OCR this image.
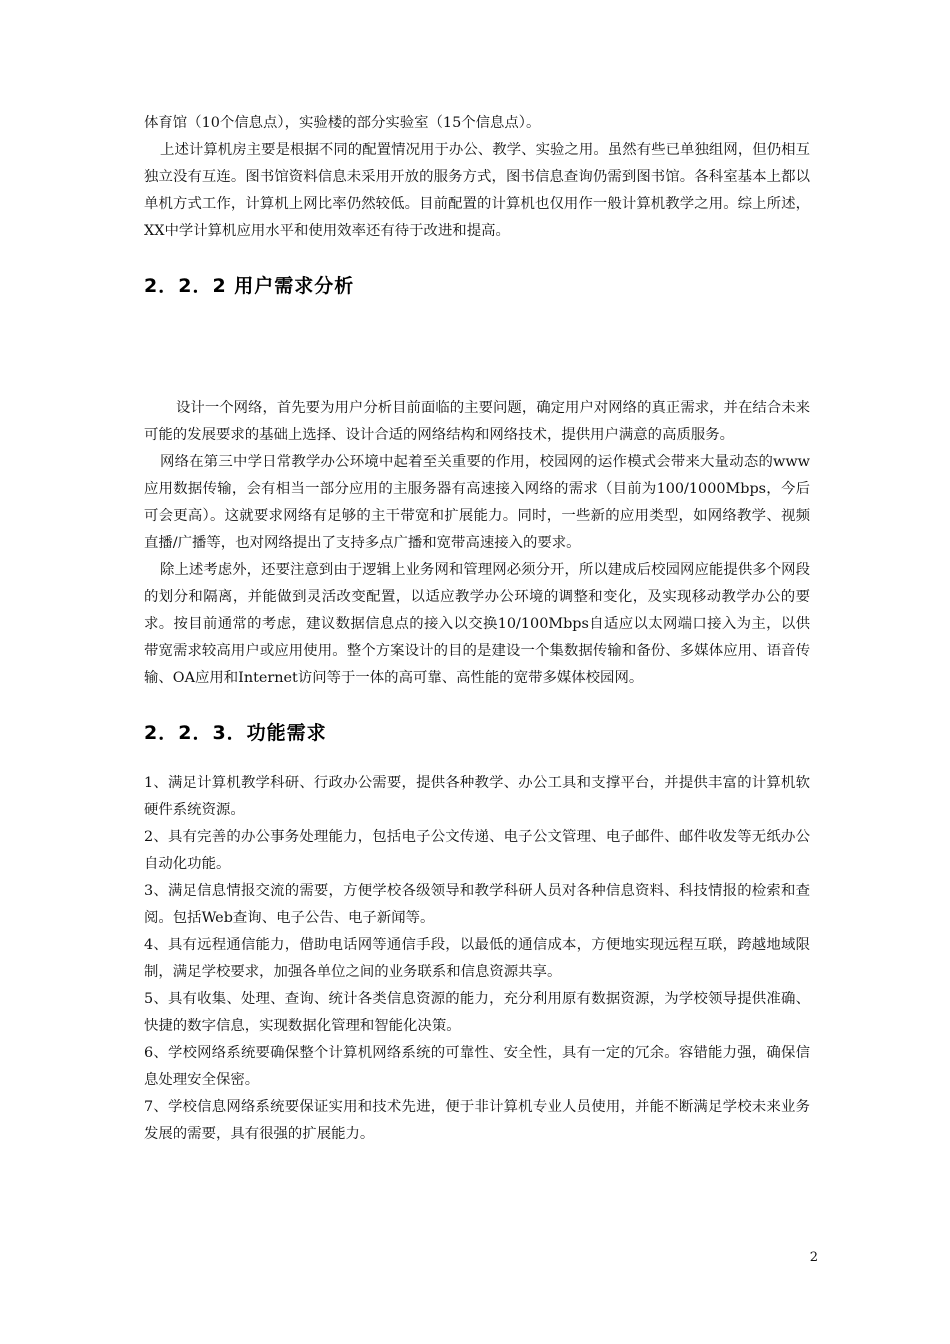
体育馆（10个信息点），实验楼的部分实验室（15个信息点）。

上述计算机房主要是根据不同的配置情况用于办公、教学、实验之用。虽然有些已单独组网，但仍相互独立没有互连。图书馆资料信息未采用开放的服务方式，图书信息查询仍需到图书馆。各科室基本上都以单机方式工作，计算机上网比率仍然较低。目前配置的计算机也仅用作一般计算机教学之用。综上所述，XX中学计算机应用水平和使用效率还有待于改进和提高。

2．2．2 用户需求分析

设计一个网络，首先要为用户分析目前面临的主要问题，确定用户对网络的真正需求，并在结合未来可能的发展要求的基础上选择、设计合适的网络结构和网络技术，提供用户满意的高质服务。

网络在第三中学日常教学办公环境中起着至关重要的作用，校园网的运作模式会带来大量动态的www应用数据传输，会有相当一部分应用的主服务器有高速接入网络的需求（目前为100/1000Mbps，今后可会更高）。这就要求网络有足够的主干带宽和扩展能力。同时，一些新的应用类型，如网络教学、视频直播/广播等，也对网络提出了支持多点广播和宽带高速接入的要求。

除上述考虑外，还要注意到由于逻辑上业务网和管理网必须分开，所以建成后校园网应能提供多个网段的划分和隔离，并能做到灵活改变配置，以适应教学办公环境的调整和变化，及实现移动教学办公的要求。按目前通常的考虑，建议数据信息点的接入以交换10/100Mbps自适应以太网端口接入为主，以供带宽需求较高用户或应用使用。整个方案设计的目的是建设一个集数据传输和备份、多媒体应用、语音传输、OA应用和Internet访问等于一体的高可靠、高性能的宽带多媒体校园网。

2．2．3．功能需求

1、满足计算机教学科研、行政办公需要，提供各种教学、办公工具和支撑平台，并提供丰富的计算机软硬件系统资源。

2、具有完善的办公事务处理能力，包括电子公文传递、电子公文管理、电子邮件、邮件收发等无纸办公自动化功能。

3、满足信息情报交流的需要，方便学校各级领导和教学科研人员对各种信息资料、科技情报的检索和查阅。包括Web查询、电子公告、电子新闻等。

4、具有远程通信能力，借助电话网等通信手段，以最低的通信成本，方便地实现远程互联，跨越地域限制，满足学校要求，加强各单位之间的业务联系和信息资源共享。

5、具有收集、处理、查询、统计各类信息资源的能力，充分利用原有数据资源，为学校领导提供准确、快捷的数字信息，实现数据化管理和智能化决策。

6、学校网络系统要确保整个计算机网络系统的可靠性、安全性，具有一定的冗余。容错能力强，确保信息处理安全保密。

7、学校信息网络系统要保证实用和技术先进，便于非计算机专业人员使用，并能不断满足学校未来业务发展的需要，具有很强的扩展能力。

2
